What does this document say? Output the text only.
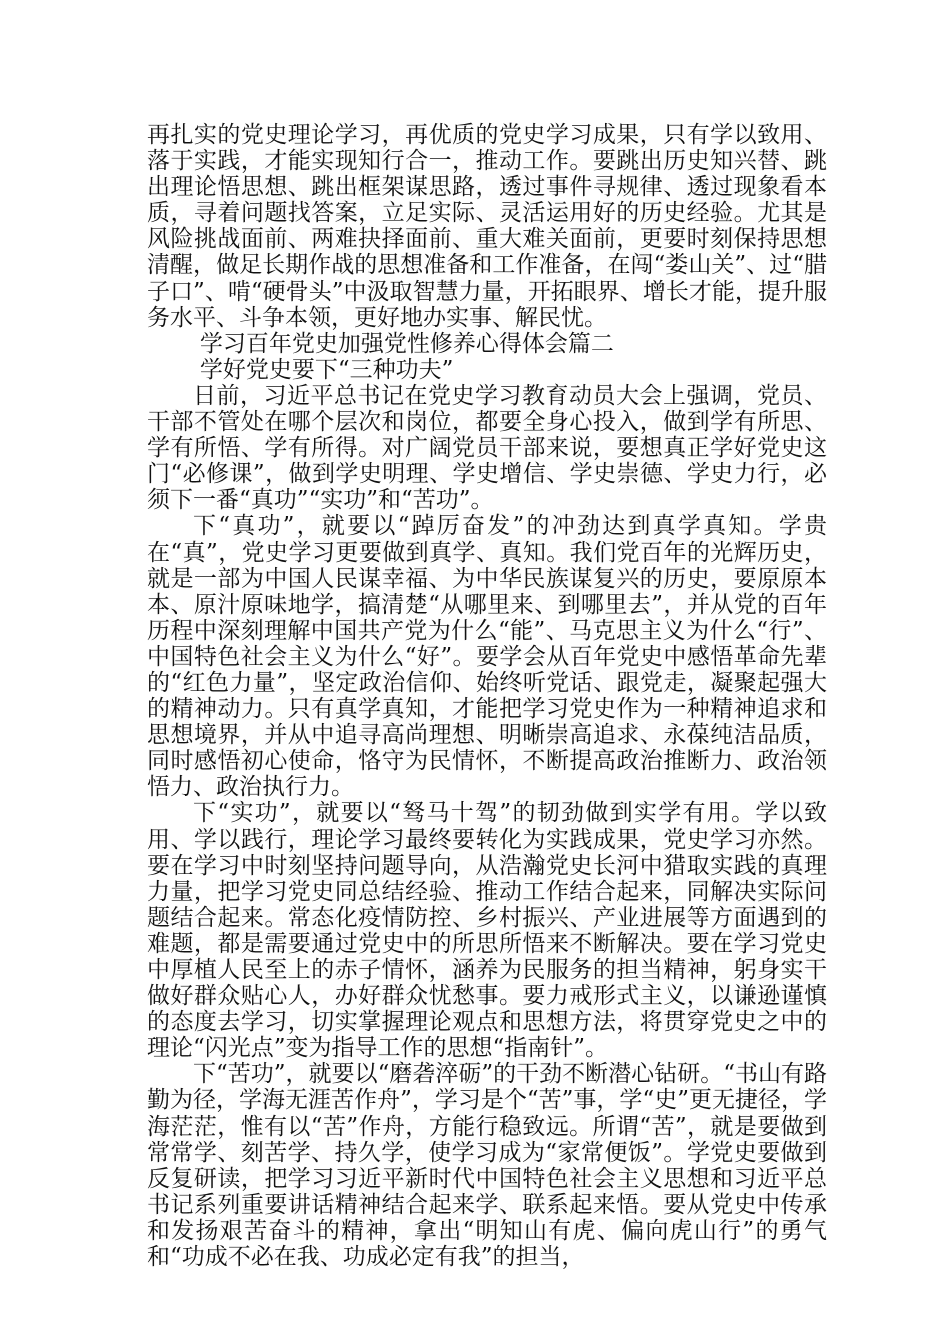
再扎实的党史理论学习，再优质的党史学习成果，只有学以致用、落于实践，才能实现知行合一，推动工作。要跳出历史知兴替、跳出理论悟思想、跳出框架谋思路，透过事件寻规律、透过现象看本质，寻着问题找答案，立足实际、灵活运用好的历史经验。尤其是风险挑战面前、两难抉择面前、重大难关面前，更要时刻保持思想清醒，做足长期作战的思想准备和工作准备，在闯“娄山关”、过“腊子口”、啃“硬骨头”中汲取智慧力量，开拓眼界、增长才能，提升服务水平、斗争本领，更好地办实事、解民忧。

学习百年党史加强党性修养心得体会篇二

学好党史要下“三种功夫”

日前，习近平总书记在党史学习教育动员大会上强调，党员、干部不管处在哪个层次和岗位，都要全身心投入，做到学有所思、学有所悟、学有所得。对广阔党员干部来说，要想真正学好党史这门“必修课”，做到学史明理、学史增信、学史崇德、学史力行，必须下一番“真功”“实功”和“苦功”。

下“真功”，就要以“踔厉奋发”的冲劲达到真学真知。学贵在“真”，党史学习更要做到真学、真知。我们党百年的光辉历史，就是一部为中国人民谋幸福、为中华民族谋复兴的历史，要原原本本、原汁原味地学，搞清楚“从哪里来、到哪里去”，并从党的百年历程中深刻理解中国共产党为什么“能”、马克思主义为什么“行”、中国特色社会主义为什么“好”。要学会从百年党史中感悟革命先辈的“红色力量”，坚定政治信仰、始终听党话、跟党走，凝聚起强大的精神动力。只有真学真知，才能把学习党史作为一种精神追求和思想境界，并从中追寻高尚理想、明晰崇高追求、永葆纯洁品质，同时感悟初心使命，恪守为民情怀，不断提高政治推断力、政治领悟力、政治执行力。

下“实功”，就要以“驽马十驾”的韧劲做到实学有用。学以致用、学以践行，理论学习最终要转化为实践成果，党史学习亦然。要在学习中时刻坚持问题导向，从浩瀚党史长河中猎取实践的真理力量，把学习党史同总结经验、推动工作结合起来，同解决实际问题结合起来。常态化疫情防控、乡村振兴、产业进展等方面遇到的难题，都是需要通过党史中的所思所悟来不断解决。要在学习党史中厚植人民至上的赤子情怀，涵养为民服务的担当精神，躬身实干做好群众贴心人，办好群众忧愁事。要力戒形式主义，以谦逊谨慎的态度去学习，切实掌握理论观点和思想方法，将贯穿党史之中的理论“闪光点”变为指导工作的思想“指南针”。

下“苦功”，就要以“磨砻淬砺”的干劲不断潜心钻研。“书山有路勤为径，学海无涯苦作舟”，学习是个“苦”事，学“史”更无捷径，学海茫茫，惟有以“苦”作舟，方能行稳致远。所谓“苦”，就是要做到常常学、刻苦学、持久学，使学习成为“家常便饭”。学党史要做到反复研读，把学习习近平新时代中国特色社会主义思想和习近平总书记系列重要讲话精神结合起来学、联系起来悟。要从党史中传承和发扬艰苦奋斗的精神，拿出“明知山有虎、偏向虎山行”的勇气和“功成不必在我、功成必定有我”的担当，
